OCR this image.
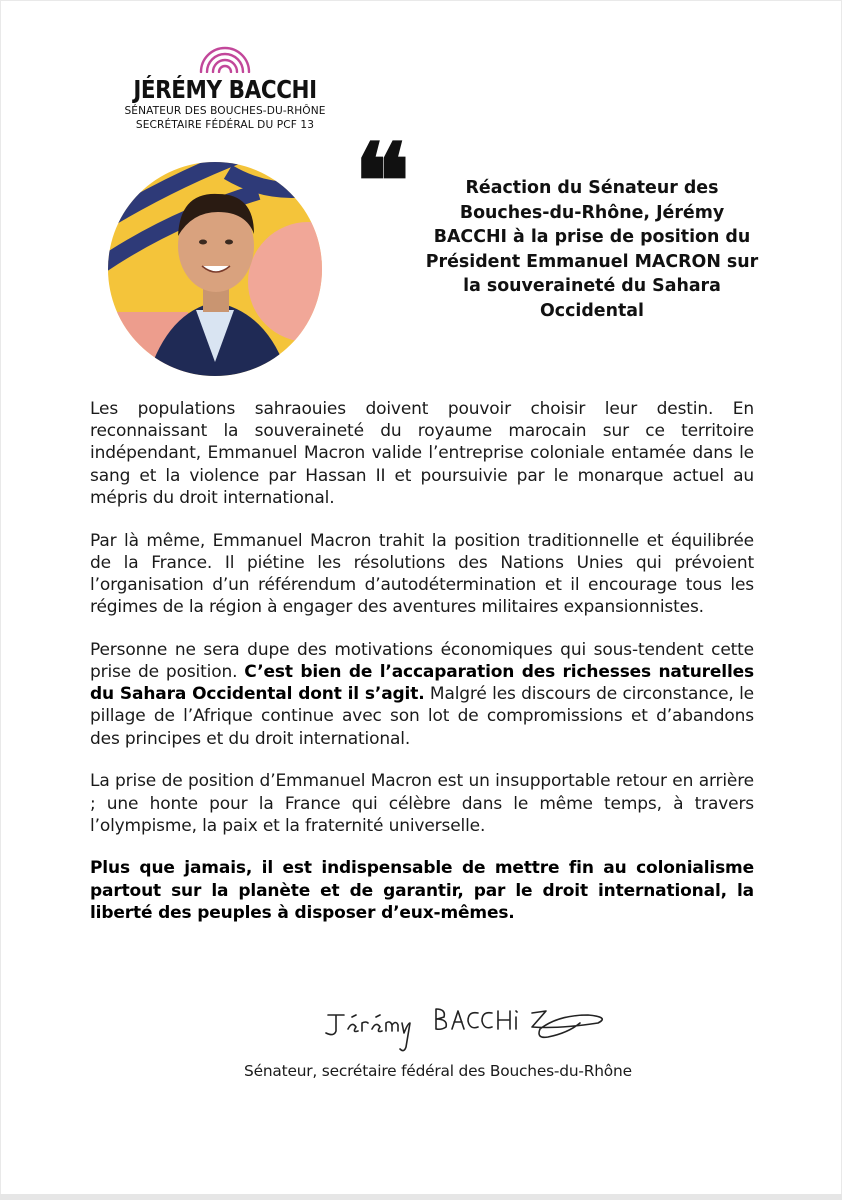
JÉRÉMY BACCHI
SÉNATEUR DES BOUCHES-DU-RHÔNE
SECRÉTAIRE FÉDÉRAL DU PCF 13 ❝	Réaction du Sénateur des Bouches-du-Rhône, Jérémy BACCHI à la prise de position du Président Emmanuel MACRON sur la souveraineté du Sahara Occidental

Les populations sahraouies doivent pouvoir choisir leur destin. En reconnaissant la souveraineté du royaume marocain sur ce territoire indépendant, Emmanuel Macron valide l’entreprise coloniale entamée dans le sang et la violence par Hassan II et poursuivie par le monarque actuel au mépris du droit international.

Par là même, Emmanuel Macron trahit la position traditionnelle et équilibrée de la France. Il piétine les résolutions des Nations Unies qui prévoient l’organisation d’un référendum d’autodétermination et il encourage tous les régimes de la région à engager des aventures militaires expansionnistes.

Personne ne sera dupe des motivations économiques qui sous-tendent cette prise de position. C’est bien de l’accaparation des richesses naturelles du Sahara Occidental dont il s’agit. Malgré les discours de circonstance, le pillage de l’Afrique continue avec son lot de compromissions et d’abandons des principes et du droit international.

La prise de position d’Emmanuel Macron est un insupportable retour en arrière ; une honte pour la France qui célèbre dans le même temps, à travers l’olympisme, la paix et la fraternité universelle.

Plus que jamais, il est indispensable de mettre fin au colonialisme partout sur la planète et de garantir, par le droit international, la liberté des peuples à disposer d’eux-mêmes.

Sénateur, secrétaire fédéral des Bouches-du-Rhône
